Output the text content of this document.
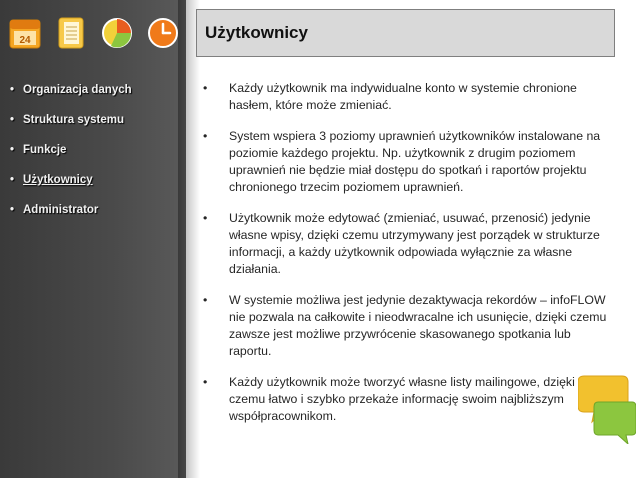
24
• Organizacja danych
• Struktura systemu
• Funkcje
• Użytkownicy
• Administrator
Użytkownicy
• Każdy użytkownik ma indywidualne konto w systemie chronione hasłem, które może zmieniać.
• System wspiera 3 poziomy uprawnień użytkowników instalowane na poziomie każdego projektu. Np. użytkownik z drugim poziomem uprawnień nie będzie miał dostępu do spotkań i raportów projektu chronionego trzecim poziomem uprawnień.
• Użytkownik może edytować (zmieniać, usuwać, przenosić) jedynie własne wpisy, dzięki czemu utrzymywany jest porządek w strukturze informacji, a każdy użytkownik odpowiada wyłącznie za własne działania.
• W systemie możliwa jest jedynie dezaktywacja rekordów – infoFLOW nie pozwala na całkowite i nieodwracalne ich usunięcie, dzięki czemu zawsze jest możliwe przywrócenie skasowanego spotkania lub raportu.
• Każdy użytkownik może tworzyć własne listy mailingowe, dzięki czemu łatwo i szybko przekaże informację swoim najbliższym współpracownikom.
